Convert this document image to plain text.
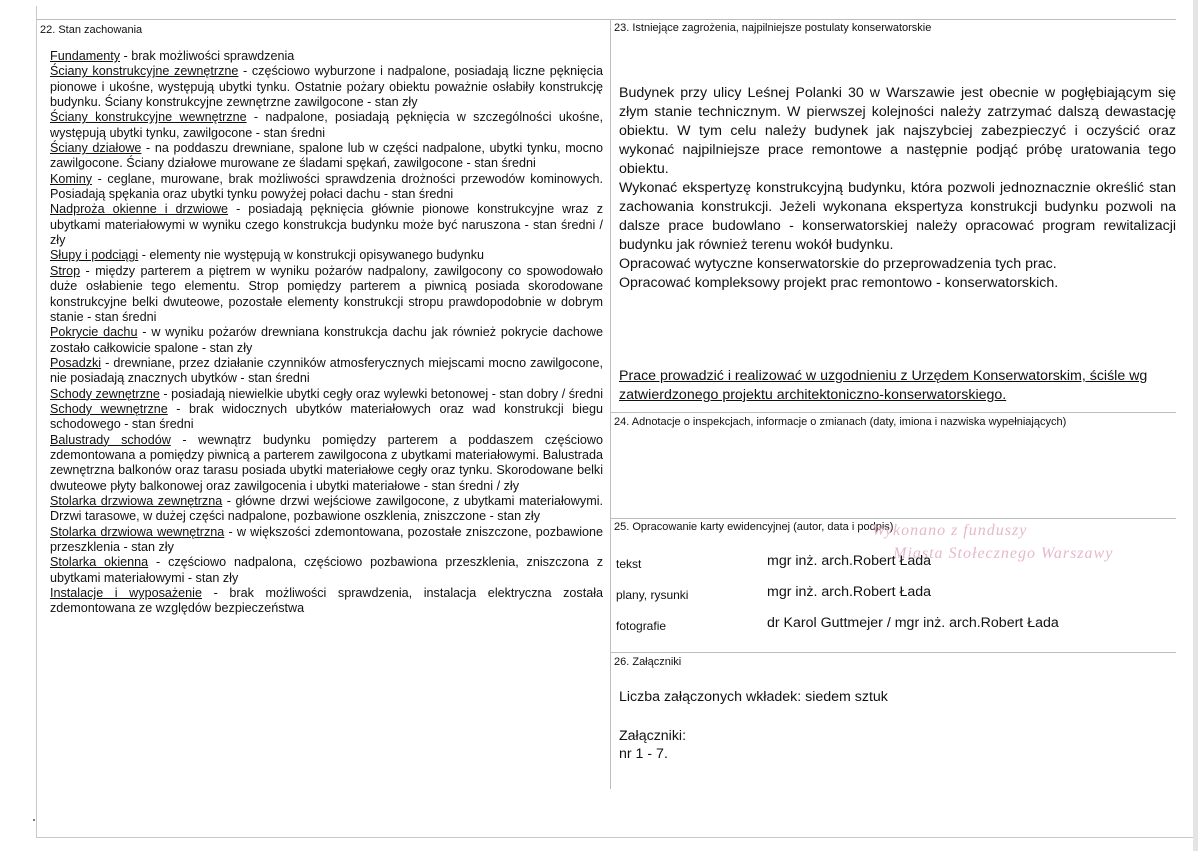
22. Stan zachowania

Fundamenty - brak możliwości sprawdzenia

Ściany konstrukcyjne zewnętrzne - częściowo wyburzone i nadpalone, posiadają liczne pęknięcia pionowe i ukośne, występują ubytki tynku. Ostatnie pożary obiektu poważnie osłabiły konstrukcję budynku. Ściany konstrukcyjne zewnętrzne zawilgocone - stan zły

Ściany konstrukcyjne wewnętrzne - nadpalone, posiadają pęknięcia w szczególności ukośne, występują ubytki tynku, zawilgocone - stan średni

Ściany działowe - na poddaszu drewniane, spalone lub w części nadpalone, ubytki tynku, mocno zawilgocone. Ściany działowe murowane ze śladami spękań, zawilgocone - stan średni

Kominy - ceglane, murowane, brak możliwości sprawdzenia drożności przewodów kominowych. Posiadają spękania oraz ubytki tynku powyżej połaci dachu - stan średni

Nadproża okienne i drzwiowe - posiadają pęknięcia głównie pionowe konstrukcyjne wraz z ubytkami materiałowymi w wyniku czego konstrukcja budynku może być naruszona - stan średni / zły

Słupy i podciągi - elementy nie występują w konstrukcji opisywanego budynku

Strop - między parterem a piętrem w wyniku pożarów nadpalony, zawilgocony co spowodowało duże osłabienie tego elementu. Strop pomiędzy parterem a piwnicą posiada skorodowane konstrukcyjne belki dwuteowe, pozostałe elementy konstrukcji stropu prawdopodobnie w dobrym stanie - stan średni

Pokrycie dachu - w wyniku pożarów drewniana konstrukcja dachu jak również pokrycie dachowe zostało całkowicie spalone - stan zły

Posadzki - drewniane, przez działanie czynników atmosferycznych miejscami mocno zawilgocone, nie posiadają znacznych ubytków - stan średni

Schody zewnętrzne - posiadają niewielkie ubytki cegły oraz wylewki betonowej - stan dobry / średni

Schody wewnętrzne - brak widocznych ubytków materiałowych oraz wad konstrukcji biegu schodowego - stan średni

Balustrady schodów - wewnątrz budynku pomiędzy parterem a poddaszem częściowo zdemontowana a pomiędzy piwnicą a parterem zawilgocona z ubytkami materiałowymi. Balustrada zewnętrzna balkonów oraz tarasu posiada ubytki materiałowe cegły oraz tynku. Skorodowane belki dwuteowe płyty balkonowej oraz zawilgocenia i ubytki materiałowe - stan średni / zły

Stolarka drzwiowa zewnętrzna - główne drzwi wejściowe zawilgocone, z ubytkami materiałowymi. Drzwi tarasowe, w dużej części nadpalone, pozbawione oszklenia, zniszczone - stan zły

Stolarka drzwiowa wewnętrzna - w większości zdemontowana, pozostałe zniszczone, pozbawione przeszklenia - stan zły

Stolarka okienna - częściowo nadpalona, częściowo pozbawiona przeszklenia, zniszczona z ubytkami materiałowymi - stan zły

Instalacje i wyposażenie - brak możliwości sprawdzenia, instalacja elektryczna została zdemontowana ze względów bezpieczeństwa

23. Istniejące zagrożenia, najpilniejsze postulaty konserwatorskie

Budynek przy ulicy Leśnej Polanki 30 w Warszawie jest obecnie w pogłębiającym się złym stanie technicznym. W pierwszej kolejności należy zatrzymać dalszą dewastację obiektu. W tym celu należy budynek jak najszybciej zabezpieczyć i oczyścić oraz wykonać najpilniejsze prace remontowe a następnie podjąć próbę uratowania tego obiektu.

Wykonać ekspertyzę konstrukcyjną budynku, która pozwoli jednoznacznie określić stan zachowania konstrukcji. Jeżeli wykonana ekspertyza konstrukcji budynku pozwoli na dalsze prace budowlano - konserwatorskiej należy opracować program rewitalizacji budynku jak również terenu wokół budynku.

Opracować wytyczne konserwatorskie do przeprowadzenia tych prac.

Opracować kompleksowy projekt prac remontowo - konserwatorskich.

Prace prowadzić i realizować w uzgodnieniu z Urzędem Konserwatorskim, ściśle wg zatwierdzonego projektu architektoniczno-konserwatorskiego.
24. Adnotacje o inspekcjach, informacje o zmianach (daty, imiona i nazwiska wypełniających)
25. Opracowanie karty ewidencyjnej (autor, data i podpis)
Wykonano z funduszy
Miasta Stołecznego Warszawy
tekst	mgr inż. arch.Robert Łada
plany, rysunki	mgr inż. arch.Robert Łada
fotografie	dr Karol Guttmejer / mgr inż. arch.Robert Łada
26. Załączniki
Liczba załączonych wkładek: siedem sztuk
Załączniki:
nr 1 - 7.
